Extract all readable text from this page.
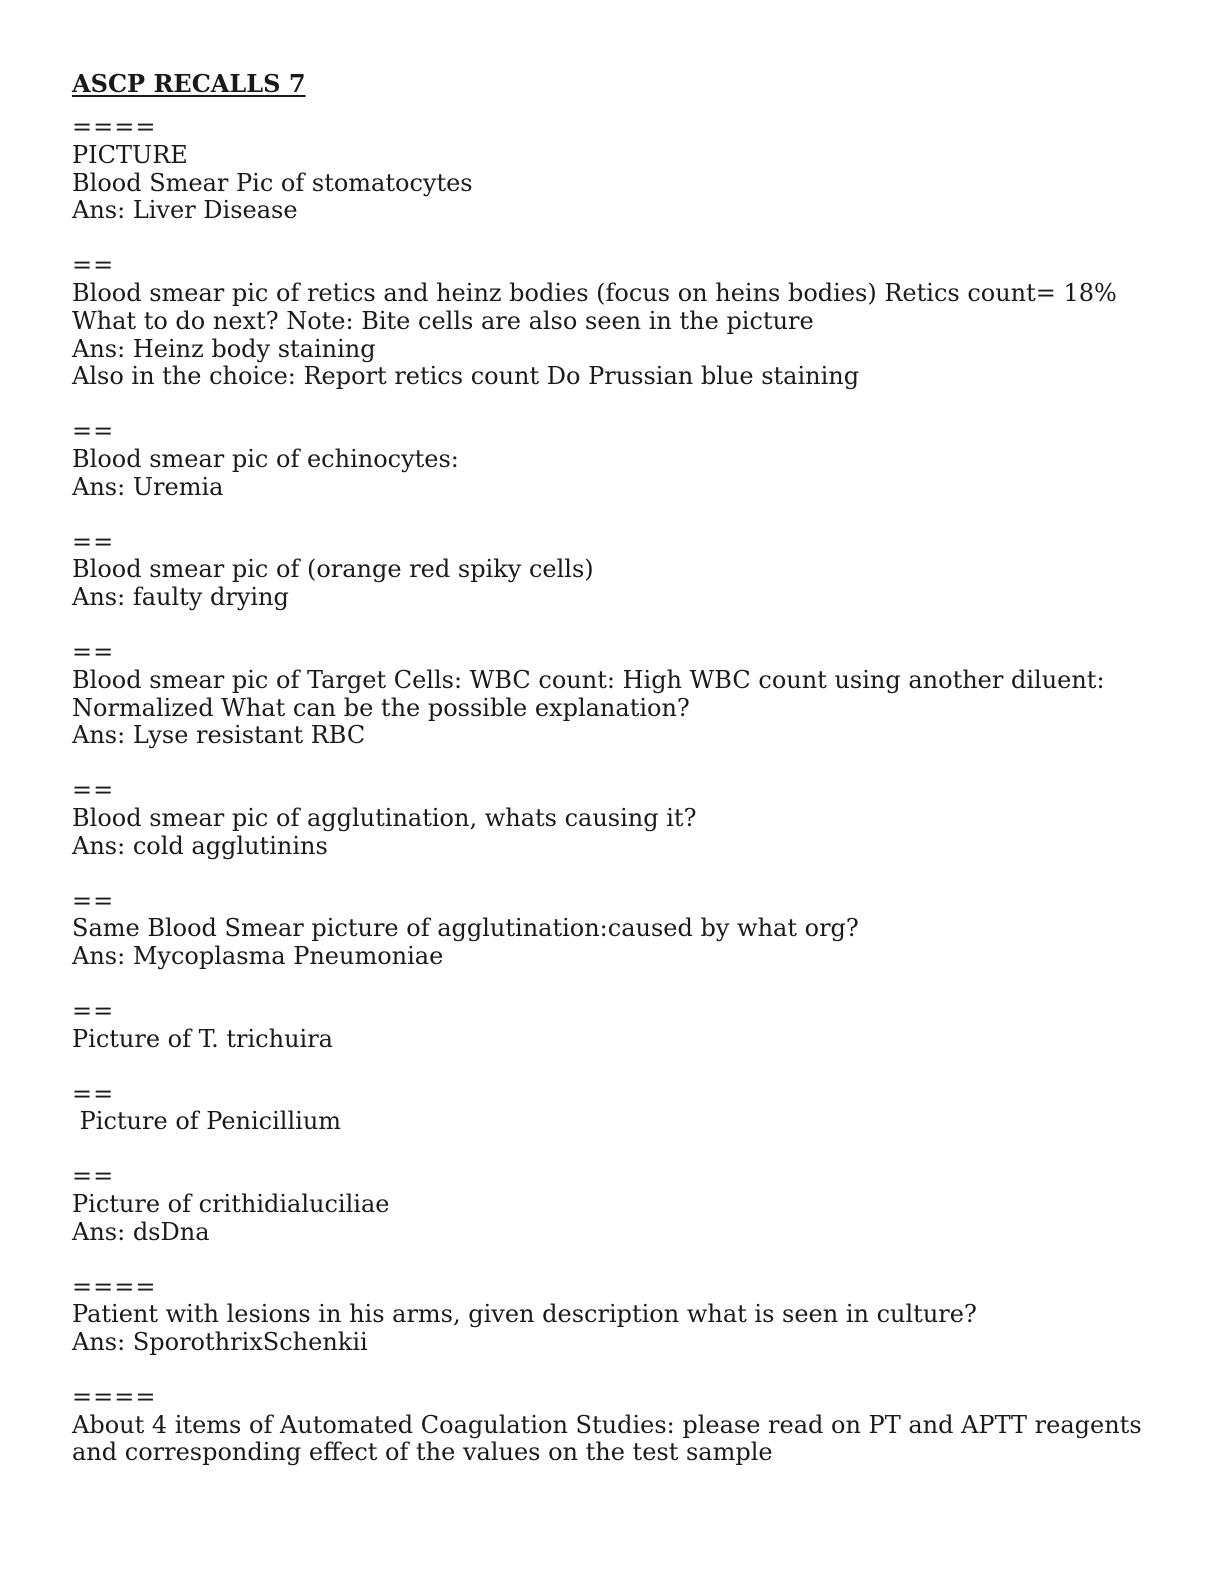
ASCP RECALLS 7
====
PICTURE
Blood Smear Pic of stomatocytes
Ans: Liver Disease
==
Blood smear pic of retics and heinz bodies (focus on heins bodies) Retics count= 18%
What to do next? Note: Bite cells are also seen in the picture
Ans: Heinz body staining
Also in the choice: Report retics count Do Prussian blue staining
==
Blood smear pic of echinocytes:
Ans: Uremia
==
Blood smear pic of (orange red spiky cells)
Ans: faulty drying
==
Blood smear pic of Target Cells: WBC count: High WBC count using another diluent:
Normalized What can be the possible explanation?
Ans: Lyse resistant RBC
==
Blood smear pic of agglutination, whats causing it?
Ans: cold agglutinins
==
Same Blood Smear picture of agglutination:caused by what org?
Ans: Mycoplasma Pneumoniae
==
Picture of T. trichuira
==
Picture of Penicillium
==
Picture of crithidialuciliae
Ans: dsDna
====
Patient with lesions in his arms, given description what is seen in culture?
Ans: SporothrixSchenkii
====
About 4 items of Automated Coagulation Studies: please read on PT and APTT reagents
and corresponding effect of the values on the test sample
